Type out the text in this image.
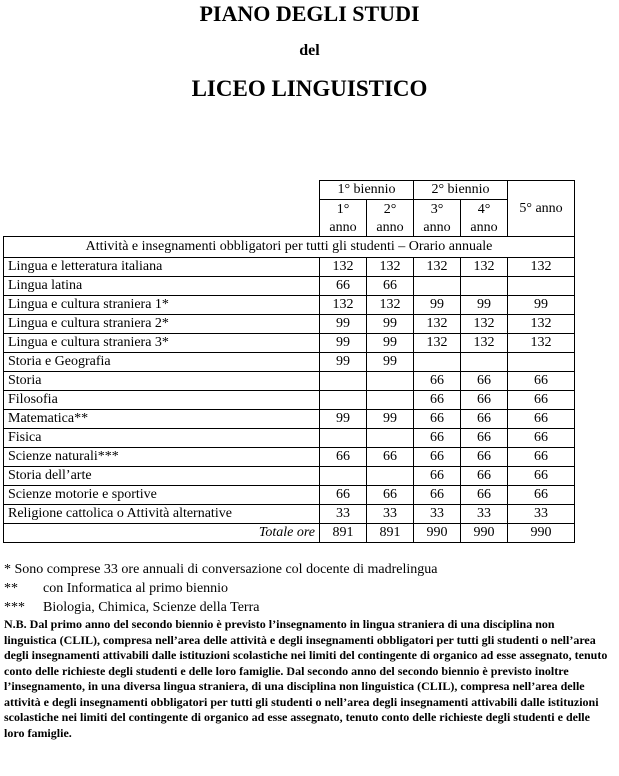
PIANO DEGLI STUDI
del
LICEO LINGUISTICO
	1° biennio		2° biennio		5° anno
	1°	2°	3°	4°	
	anno	anno	anno	anno	
Attività e insegnamenti obbligatori per tutti gli studenti – Orario annuale					
Lingua e letteratura italiana	132	132	132	132	132
Lingua latina	66	66			
Lingua e cultura straniera 1*	132	132	99	99	99
Lingua e cultura straniera 2*	99	99	132	132	132
Lingua e cultura straniera 3*	99	99	132	132	132
Storia e Geografia	99	99			
Storia			66	66	66
Filosofia			66	66	66
Matematica**	99	99	66	66	66
Fisica			66	66	66
Scienze naturali***	66	66	66	66	66
Storia dell’arte			66	66	66
Scienze motorie e sportive	66	66	66	66	66
Religione cattolica o Attività alternative	33	33	33	33	33
Totale ore	891	891	990	990	990
* Sono comprese 33 ore annuali di conversazione col docente di madrelingua
**	con Informatica al primo biennio
***	Biologia, Chimica, Scienze della Terra
N.B. Dal primo anno del secondo biennio è previsto l’insegnamento in lingua straniera di una disciplina non linguistica (CLIL), compresa nell’area delle attività e degli insegnamenti obbligatori per tutti gli studenti o nell’area degli insegnamenti attivabili dalle istituzioni scolastiche nei limiti del contingente di organico ad esse assegnato, tenuto conto delle richieste degli studenti e delle loro famiglie. Dal secondo anno del secondo biennio è previsto inoltre l’insegnamento, in una diversa lingua straniera, di una disciplina non linguistica (CLIL), compresa nell’area delle attività e degli insegnamenti obbligatori per tutti gli studenti o nell’area degli insegnamenti attivabili dalle istituzioni scolastiche nei limiti del contingente di organico ad esse assegnato, tenuto conto delle richieste degli studenti e delle loro famiglie.
